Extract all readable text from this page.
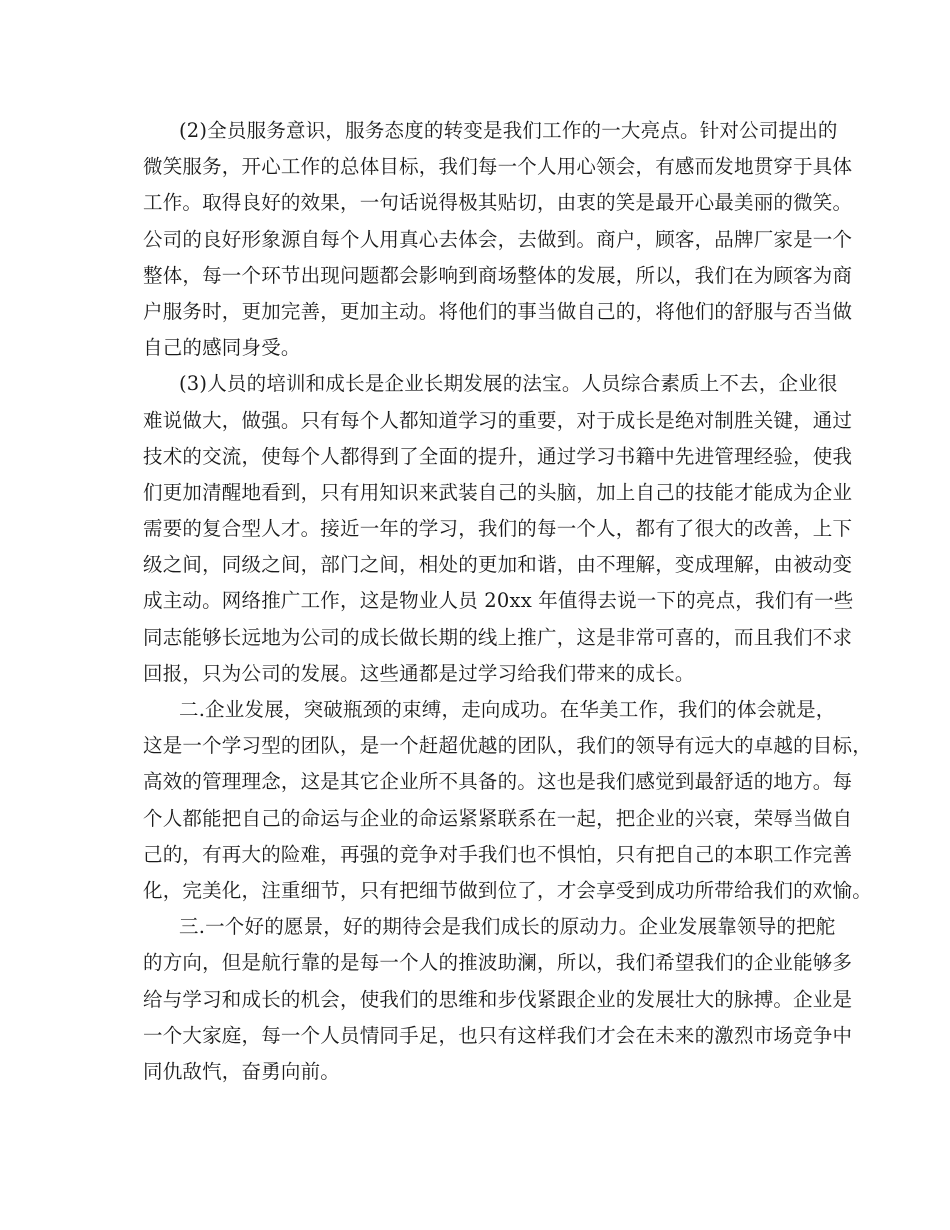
(2)全员服务意识，服务态度的转变是我们工作的一大亮点。针对公司提出的
微笑服务，开心工作的总体目标，我们每一个人用心领会，有感而发地贯穿于具体
工作。取得良好的效果，一句话说得极其贴切，由衷的笑是最开心最美丽的微笑。
公司的良好形象源自每个人用真心去体会，去做到。商户，顾客，品牌厂家是一个
整体，每一个环节出现问题都会影响到商场整体的发展，所以，我们在为顾客为商
户服务时，更加完善，更加主动。将他们的事当做自己的，将他们的舒服与否当做
自己的感同身受。
(3)人员的培训和成长是企业长期发展的法宝。人员综合素质上不去，企业很
难说做大，做强。只有每个人都知道学习的重要，对于成长是绝对制胜关键，通过
技术的交流，使每个人都得到了全面的提升，通过学习书籍中先进管理经验，使我
们更加清醒地看到，只有用知识来武装自己的头脑，加上自己的技能才能成为企业
需要的复合型人才。接近一年的学习，我们的每一个人，都有了很大的改善，上下
级之间，同级之间，部门之间，相处的更加和谐，由不理解，变成理解，由被动变
成主动。网络推广工作，这是物业人员 20xx 年值得去说一下的亮点，我们有一些
同志能够长远地为公司的成长做长期的线上推广，这是非常可喜的，而且我们不求
回报，只为公司的发展。这些通都是过学习给我们带来的成长。
二.企业发展，突破瓶颈的束缚，走向成功。在华美工作，我们的体会就是，
这是一个学习型的团队，是一个赶超优越的团队，我们的领导有远大的卓越的目标，
高效的管理理念，这是其它企业所不具备的。这也是我们感觉到最舒适的地方。每
个人都能把自己的命运与企业的命运紧紧联系在一起，把企业的兴衰，荣辱当做自
己的，有再大的险难，再强的竞争对手我们也不惧怕，只有把自己的本职工作完善
化，完美化，注重细节，只有把细节做到位了，才会享受到成功所带给我们的欢愉。
三.一个好的愿景，好的期待会是我们成长的原动力。企业发展靠领导的把舵
的方向，但是航行靠的是每一个人的推波助澜，所以，我们希望我们的企业能够多
给与学习和成长的机会，使我们的思维和步伐紧跟企业的发展壮大的脉搏。企业是
一个大家庭，每一个人员情同手足，也只有这样我们才会在未来的激烈市场竞争中
同仇敌忾，奋勇向前。
